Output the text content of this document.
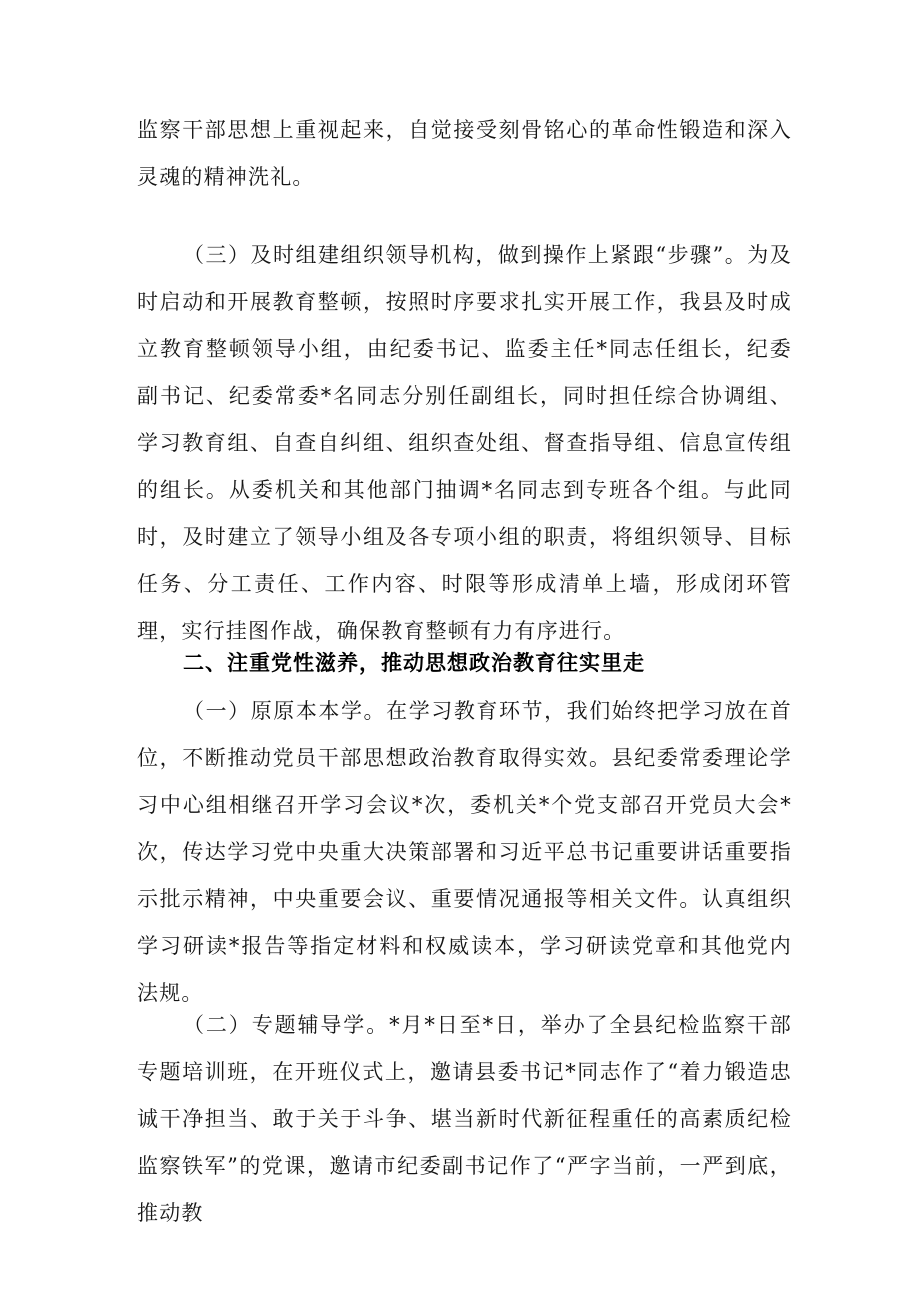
监察干部思想上重视起来，自觉接受刻骨铭心的革命性锻造和深入灵魂的精神洗礼。

（三）及时组建组织领导机构，做到操作上紧跟“步骤”。为及时启动和开展教育整顿，按照时序要求扎实开展工作，我县及时成立教育整顿领导小组，由纪委书记、监委主任*同志任组长，纪委副书记、纪委常委*名同志分别任副组长，同时担任综合协调组、学习教育组、自查自纠组、组织查处组、督查指导组、信息宣传组的组长。从委机关和其他部门抽调*名同志到专班各个组。与此同时，及时建立了领导小组及各专项小组的职责，将组织领导、目标任务、分工责任、工作内容、时限等形成清单上墙，形成闭环管理，实行挂图作战，确保教育整顿有力有序进行。

二、注重党性滋养，推动思想政治教育往实里走

（一）原原本本学。在学习教育环节，我们始终把学习放在首位，不断推动党员干部思想政治教育取得实效。县纪委常委理论学习中心组相继召开学习会议*次，委机关*个党支部召开党员大会*次，传达学习党中央重大决策部署和习近平总书记重要讲话重要指示批示精神，中央重要会议、重要情况通报等相关文件。认真组织学习研读*报告等指定材料和权威读本，学习研读党章和其他党内法规。

（二）专题辅导学。*月*日至*日，举办了全县纪检监察干部专题培训班，在开班仪式上，邀请县委书记*同志作了“着力锻造忠诚干净担当、敢于关于斗争、堪当新时代新征程重任的高素质纪检监察铁军”的党课，邀请市纪委副书记作了“严字当前，一严到底，推动教
